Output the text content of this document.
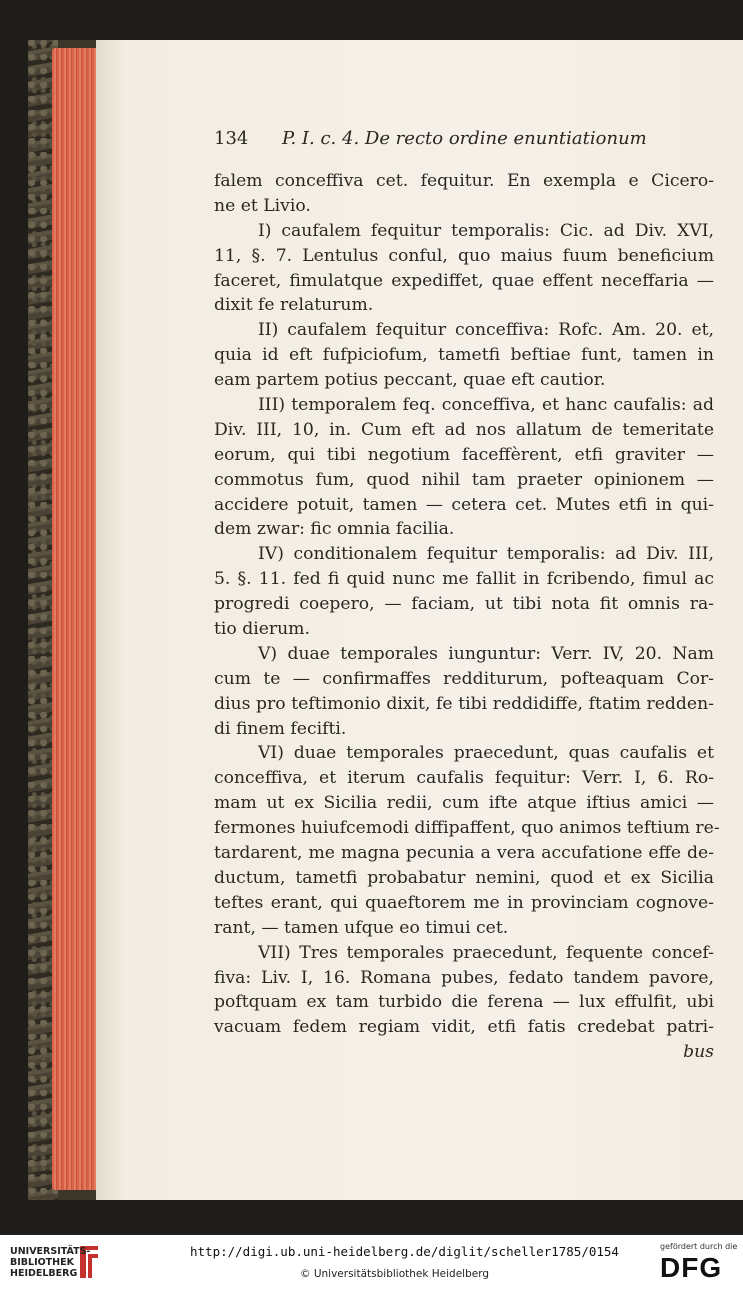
134 P. I. c. 4. De recto ordine enuntiationum
falem conceffiva cet. fequitur. En exempla e Cicero-
ne et Livio.
I) caufalem fequitur temporalis: Cic. ad Div. XVI,
11, §. 7. Lentulus conful, quo maius fuum beneficium
faceret, fimulatque expediffet, quae effent neceffaria —
dixit fe relaturum.
II) caufalem fequitur conceffiva: Rofc. Am. 20. et,
quia id eft fufpiciofum, tametfi beftiae funt, tamen in
eam partem potius peccant, quae eft cautior.
III) temporalem feq. conceffiva, et hanc caufalis: ad
Div. III, 10, in. Cum eft ad nos allatum de temeritate
eorum, qui tibi negotium faceffèrent, etfi graviter —
commotus fum, quod nihil tam praeter opinionem —
accidere potuit, tamen — cetera cet. Mutes etfi in qui-
dem zwar: fic omnia facilia.
IV) conditionalem fequitur temporalis: ad Div. III,
5. §. 11. fed fi quid nunc me fallit in fcribendo, fimul ac
progredi coepero, — faciam, ut tibi nota fit omnis ra-
tio dierum.
V) duae temporales iunguntur: Verr. IV, 20. Nam
cum te — confirmaffes redditurum, pofteaquam Cor-
dius pro teftimonio dixit, fe tibi reddidiffe, ftatim redden-
di finem fecifti.
VI) duae temporales praecedunt, quas caufalis et
conceffiva, et iterum caufalis fequitur: Verr. I, 6. Ro-
mam ut ex Sicilia redii, cum ifte atque iftius amici —
fermones huiufcemodi diffipaffent, quo animos teftium re-
tardarent, me magna pecunia a vera accufatione effe de-
ductum, tametfi probabatur nemini, quod et ex Sicilia
teftes erant, qui quaeftorem me in provinciam cognove-
rant, — tamen ufque eo timui cet.
VII) Tres temporales praecedunt, fequente concef-
fiva: Liv. I, 16. Romana pubes, fedato tandem pavore,
poftquam ex tam turbido die ferena — lux effulfit, ubi
vacuam fedem regiam vidit, etfi fatis credebat patri-
bus
UNIVERSITÄTS-
BIBLIOTHEK
HEIDELBERG
http://digi.ub.uni-heidelberg.de/diglit/scheller1785/0154
© Universitätsbibliothek Heidelberg
gefördert durch die
DFG
